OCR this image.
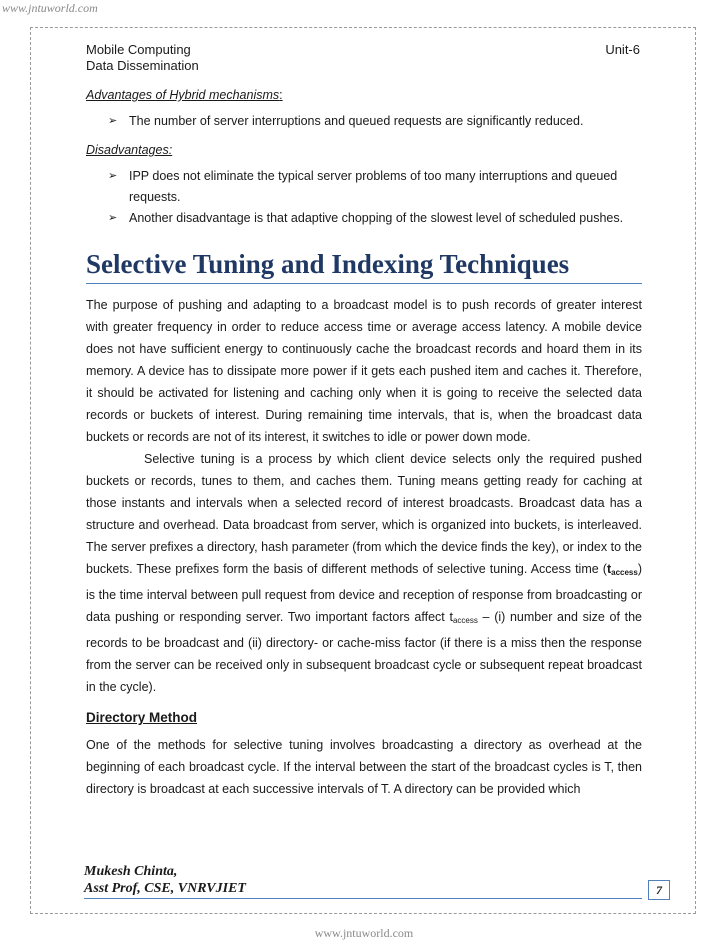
www.jntuworld.com
Mobile Computing	Unit-6
Data Dissemination

Advantages of Hybrid mechanisms:

➢ The number of server interruptions and queued requests are significantly reduced.

Disadvantages:

➢ IPP does not eliminate the typical server problems of too many interruptions and queued requests.
➢ Another disadvantage is that adaptive chopping of the slowest level of scheduled pushes.
Selective Tuning and Indexing Techniques

The purpose of pushing and adapting to a broadcast model is to push records of greater interest with greater frequency in order to reduce access time or average access latency. A mobile device does not have sufficient energy to continuously cache the broadcast records and hoard them in its memory. A device has to dissipate more power if it gets each pushed item and caches it. Therefore, it should be activated for listening and caching only when it is going to receive the selected data records or buckets of interest. During remaining time intervals, that is, when the broadcast data buckets or records are not of its interest, it switches to idle or power down mode.

Selective tuning is a process by which client device selects only the required pushed buckets or records, tunes to them, and caches them. Tuning means getting ready for caching at those instants and intervals when a selected record of interest broadcasts. Broadcast data has a structure and overhead. Data broadcast from server, which is organized into buckets, is interleaved. The server prefixes a directory, hash parameter (from which the device finds the key), or index to the buckets. These prefixes form the basis of different methods of selective tuning. Access time $(t_{access})$ is the time interval between pull request from device and reception of response from broadcasting or data pushing or responding server. Two important factors affect $t_{access} - (i)$ number and size of the records to be broadcast and (ii) directory- or cache-miss factor (if there is a miss then the response from the server can be received only in subsequent broadcast cycle or subsequent repeat broadcast in the cycle).

Directory Method

One of the methods for selective tuning involves broadcasting a directory as overhead at the beginning of each broadcast cycle. If the interval between the start of the broadcast cycles is T, then directory is broadcast at each successive intervals of T. A directory can be provided which

Mukesh Chinta,
Asst Prof, CSE, VNRVJIET	7
www.jntuworld.com
